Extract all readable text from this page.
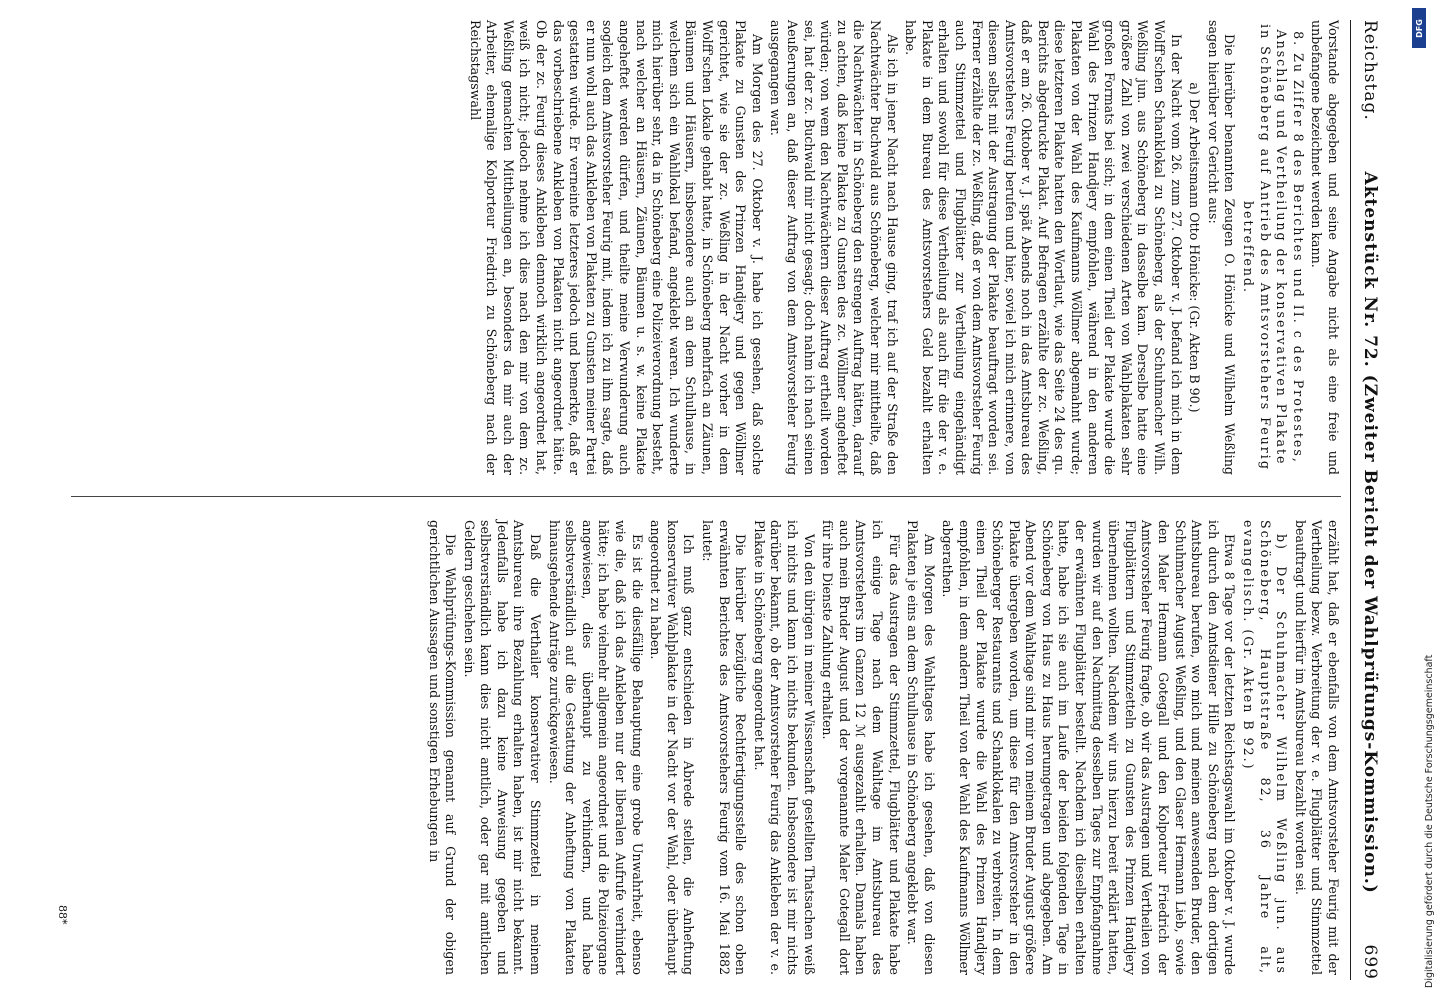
Reichstag.
Aktenstück Nr. 72. (Zweiter Bericht der Wahlprüfungs-Kommission.)
699

Vorstande abgegeben und seine Angabe nicht als eine freie und unbefangene bezeichnet werden kann.

8. Zu Ziffer 8 des Berichtes und II. c des Protestes, Anschlag und Vertheilung der konservativen Plakate in Schöneberg auf Antrieb des Amtsvorstehers Feurig betreffend.

Die hierüber benannten Zeugen O. Hönicke und Wilhelm Weßling sagen hierüber vor Gericht aus:

a) Der Arbeitsmann Otto Hönicke: (Gr. Akten B 90.)

In der Nacht vom 26. zum 27. Oktober v. J. befand ich mich in dem Wolff'schen Schanklokal zu Schöneberg, als der Schuhmacher Wilh. Weßling jun. aus Schöneberg in dasselbe kam. Derselbe hatte eine größere Zahl von zwei verschiedenen Arten von Wahlplakaten sehr großen Formats bei sich; in dem einen Theil der Plakate wurde die Wahl des Prinzen Handjery empfohlen, während in den anderen Plakaten von der Wahl des Kaufmanns Wöllmer abgemahnt wurde; diese letzteren Plakate hatten den Wortlaut, wie das Seite 24 des qu. Berichts abgedruckte Plakat. Auf Befragen erzählte der zc. Weßling, daß er am 26. Oktober v. J. spät Abends noch in das Amtsbureau des Amtsvorstehers Feurig berufen und hier, soviel ich mich erinnere, von diesem selbst mit der Austragung der Plakate beauftragt worden sei. Ferner erzählte der zc. Weßling, daß er von dem Amtsvorsteher Feurig auch Stimmzettel und Flugblätter zur Vertheilung eingehändigt erhalten und sowohl für diese Vertheilung als auch für die der v. e. Plakate in dem Bureau des Amtsvorstehers Geld bezahlt erhalten habe.

Als ich in jener Nacht nach Hause ging, traf ich auf der Straße den Nachtwächter Buchwald aus Schöneberg, welcher mir mittheilte, daß die Nachtwächter in Schöneberg den strengen Auftrag hätten, darauf zu achten, daß keine Plakate zu Gunsten des zc. Wöllmer angeheftet würden; von wem den Nachtwächtern dieser Auftrag ertheilt worden sei, hat der zc. Buchwald mir nicht gesagt; doch nahm ich nach seinen Aeußerungen an, daß dieser Auftrag von dem Amtsvorsteher Feurig ausgegangen war.

Am Morgen des 27. Oktober v. J. habe ich gesehen, daß solche Plakate zu Gunsten des Prinzen Handjery und gegen Wöllmer gerichtet, wie sie der zc. Weßling in der Nacht vorher in dem Wolff'schen Lokale gehabt hatte, in Schöneberg mehrfach an Zäunen, Bäumen und Häusern, insbesondere auch an dem Schulhause, in welchem sich ein Wahllokal befand, angeklebt waren. Ich wunderte mich hierüber sehr, da in Schöneberg eine Polizeiverordnung besteht, nach welcher an Häusern, Zäunen, Bäumen u. s. w. keine Plakate angeheftet werden dürfen, und theilte meine Verwunderung auch sogleich dem Amtsvorsteher Feurig mit, indem ich zu ihm sagte, daß er nun wohl auch das Ankleben von Plakaten zu Gunsten meiner Partei gestatten würde. Er verneinte letzteres jedoch und bemerkte, daß er das vorbeschriebene Ankleben von Plakaten nicht angeordnet hätte. Ob der zc. Feurig dieses Ankleben dennoch wirklich angeordnet hat, weiß ich nicht; jedoch nehme ich dies nach den mir von dem zc. Weßling gemachten Mittheilungen an, besonders da mir auch der Arbeiter, ehemalige Kolporteur Friedrich zu Schöneberg nach der Reichstagswahl

erzählt hat, daß er ebenfalls von dem Amtsvorsteher Feurig mit der Vertheilung bezw. Verbreitung der v. e. Flugblätter und Stimmzettel beauftragt und hierfür im Amtsbureau bezahlt worden sei.

b) Der Schuhmacher Wilhelm Weßling jun. aus Schöneberg, Hauptstraße 82, 36 Jahre alt, evangelisch. (Gr. Akten B 92.)

Etwa 8 Tage vor der letzten Reichstagswahl im Oktober v. J. wurde ich durch den Amtsdiener Hille zu Schöneberg nach dem dortigen Amtsbureau berufen, wo mich und meinen anwesenden Bruder, den Schuhmacher August Weßling, und den Glaser Hermann Lieb, sowie den Maler Hermann Gotegall und den Kolporteur Friedrich der Amtsvorsteher Feurig fragte, ob wir das Austragen und Vertheilen von Flugblättern und Stimmzetteln zu Gunsten des Prinzen Handjery übernehmen wollten. Nachdem wir uns hierzu bereit erklärt hatten, wurden wir auf den Nachmittag desselben Tages zur Empfangnahme der erwähnten Flugblätter bestellt. Nachdem ich dieselben erhalten hatte, habe ich sie auch im Laufe der beiden folgenden Tage in Schöneberg von Haus zu Haus herumgetragen und abgegeben. Am Abend vor dem Wahltage sind mir von meinem Bruder August größere Plakate übergeben worden, um diese für den Amtsvorsteher in den Schöneberger Restaurants und Schanklokalen zu verbreiten. In dem einen Theil der Plakate wurde die Wahl des Prinzen Handjery empfohlen, in dem andern Theil von der Wahl des Kaufmanns Wöllmer abgerathen.

Am Morgen des Wahltages habe ich gesehen, daß von diesen Plakaten je eins an dem Schulhause in Schöneberg angeklebt war.

Für das Austragen der Stimmzettel, Flugblätter und Plakate habe ich einige Tage nach dem Wahltage im Amtsbureau des Amtsvorstehers im Ganzen 12 ℳ ausgezahlt erhalten. Damals haben auch mein Bruder August und der vorgenannte Maler Gotegall dort für ihre Dienste Zahlung erhalten.

Von den übrigen in meiner Wissenschaft gestellten Thatsachen weiß ich nichts und kann ich nichts bekunden. Insbesondere ist mir nichts darüber bekannt, ob der Amtsvorsteher Feurig das Ankleben der v. e. Plakate in Schöneberg angeordnet hat.

Die hierüber bezügliche Rechtfertigungsstelle des schon oben erwähnten Berichtes des Amtsvorstehers Feurig vom 16. Mai 1882 lautet:

Ich muß ganz entschieden in Abrede stellen, die Anheftung konservativer Wahlplakate in der Nacht vor der Wahl, oder überhaupt angeordnet zu haben.

Es ist die diesfällige Behauptung eine grobe Unwahrheit, ebenso wie die, daß ich das Ankleben nur der liberalen Aufrufe verhindert hätte; ich habe vielmehr allgemein angeordnet und die Polizeiorgane angewiesen, dies überhaupt zu verhindern, und habe selbstverständlich auf die Gestattung der Anheftung von Plakaten hinausgehende Anträge zurückgewiesen.

Daß die Verthailer konservativer Stimmzettel in meinem Amtsbureau ihre Bezahlung erhalten haben, ist mir nicht bekannt. Jedenfalls habe ich dazu keine Anweisung gegeben und selbstverständlich kann dies nicht amtlich, oder gar mit amtlichen Geldern geschehen sein.

Die Wahlprüfungs-Kommission genannt auf Grund der obigen gerichtlichen Aussagen und sonstigen Erhebungen in

88*	Digitalisierung gefördert durch die Deutsche Forschungsgemeinschaft
DFG
